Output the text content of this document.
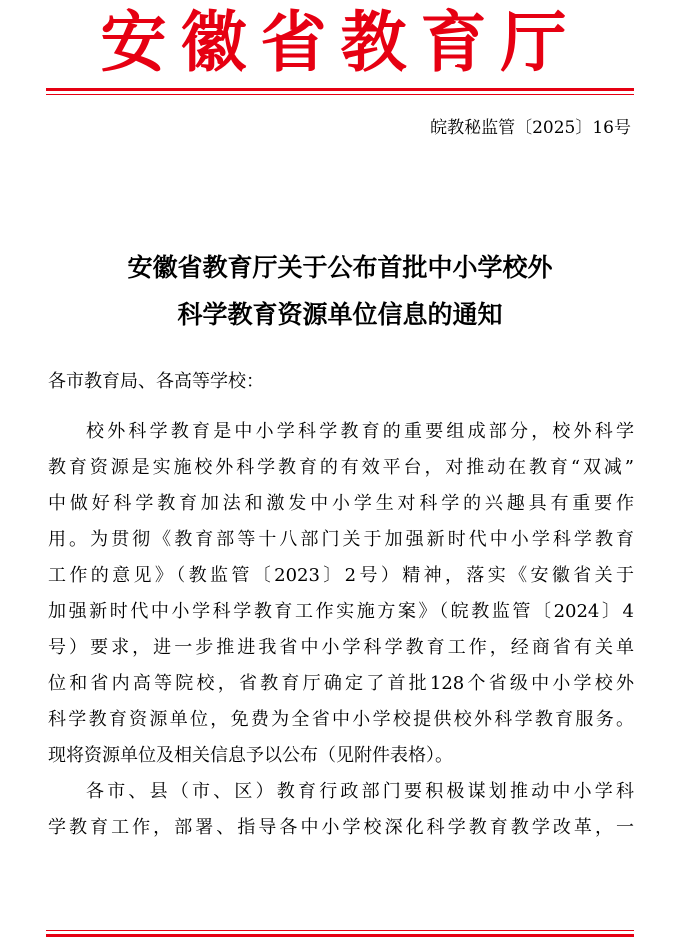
安徽省教育厅
皖教秘监管〔2025〕16号
安徽省教育厅关于公布首批中小学校外
科学教育资源单位信息的通知
各市教育局、各高等学校：
校外科学教育是中小学科学教育的重要组成部分，校外科学
教育资源是实施校外科学教育的有效平台，对推动在教育“双减”
中做好科学教育加法和激发中小学生对科学的兴趣具有重要作
用。为贯彻《教育部等十八部门关于加强新时代中小学科学教育
工作的意见》（教监管〔2023〕2号）精神，落实《安徽省关于
加强新时代中小学科学教育工作实施方案》（皖教监管〔2024〕4
号）要求，进一步推进我省中小学科学教育工作，经商省有关单
位和省内高等院校，省教育厅确定了首批128个省级中小学校外
科学教育资源单位，免费为全省中小学校提供校外科学教育服务。
现将资源单位及相关信息予以公布（见附件表格）。
各市、县（市、区）教育行政部门要积极谋划推动中小学科
学教育工作，部署、指导各中小学校深化科学教育教学改革，一
